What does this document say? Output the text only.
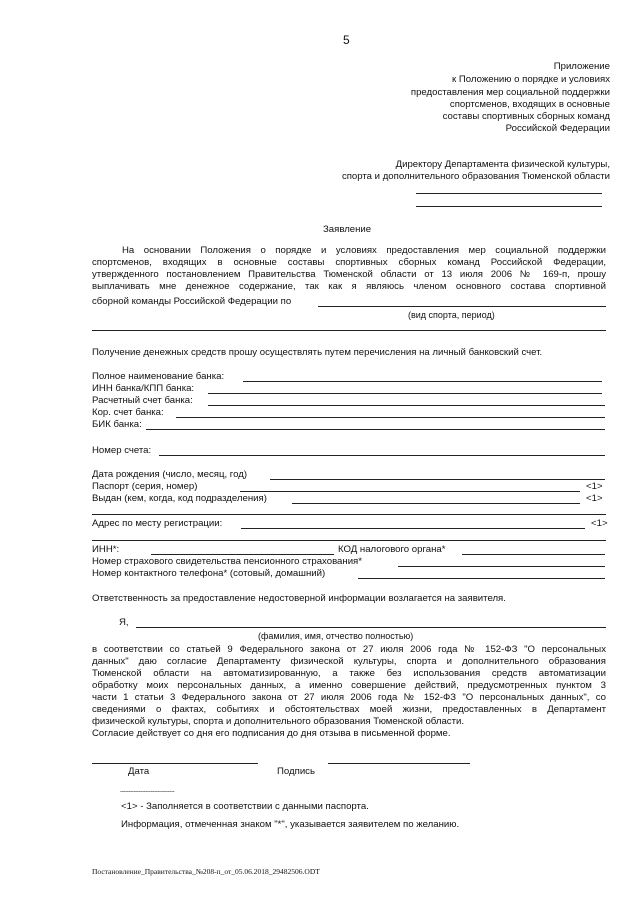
5
Приложение
к Положению о порядке и условиях
предоставления мер социальной поддержки
спортсменов, входящих в основные
составы спортивных сборных команд
Российской Федерации
Директору Департамента физической культуры,
спорта и дополнительного образования Тюменской области
Заявление
На основании Положения о порядке и условиях предоставления мер социальной поддержки
спортсменов, входящих в основные составы спортивных сборных команд Российской Федерации,
утвержденного постановлением Правительства Тюменской области от 13 июля 2006 № 169-п, прошу
выплачивать мне денежное содержание, так как я являюсь членом основного состава спортивной
сборной команды Российской Федерации по
(вид спорта, период)
Получение денежных средств прошу осуществлять путем перечисления на личный банковский счет.
Полное наименование банка:
ИНН банка/КПП банка:
Расчетный счет банка:
Кор. счет банка:
БИК банка:
Номер счета:
Дата рождения (число, месяц, год)
Паспорт (серия, номер)	<1>
Выдан (кем, когда, код подразделения)	<1>
Адрес по месту регистрации:	<1>
ИНН*:	КОД налогового органа*
Номер страхового свидетельства пенсионного страхования*
Номер контактного телефона* (сотовый, домашний)
Ответственность за предоставление недостоверной информации возлагается на заявителя.
Я,
(фамилия, имя, отчество полностью)
в соответствии со статьей 9 Федерального закона от 27 июля 2006 года № 152-ФЗ "О персональных
данных" даю согласие Департаменту физической культуры, спорта и дополнительного образования
Тюменской области на автоматизированную, а также без использования средств автоматизации
обработку моих персональных данных, а именно совершение действий, предусмотренных пунктом 3
части 1 статьи 3 Федерального закона от 27 июля 2006 года № 152-ФЗ "О персональных данных", со
сведениями о фактах, событиях и обстоятельствах моей жизни, предоставленных в Департамент
физической культуры, спорта и дополнительного образования Тюменской области.
Согласие действует со дня его подписания до дня отзыва в письменной форме.
Дата	Подпись
--------------------------------
<1> - Заполняется в соответствии с данными паспорта.
Информация, отмеченная знаком "*", указывается заявителем по желанию.
Постановление_Правительства_№208-п_от_05.06.2018_29482506.ODT
